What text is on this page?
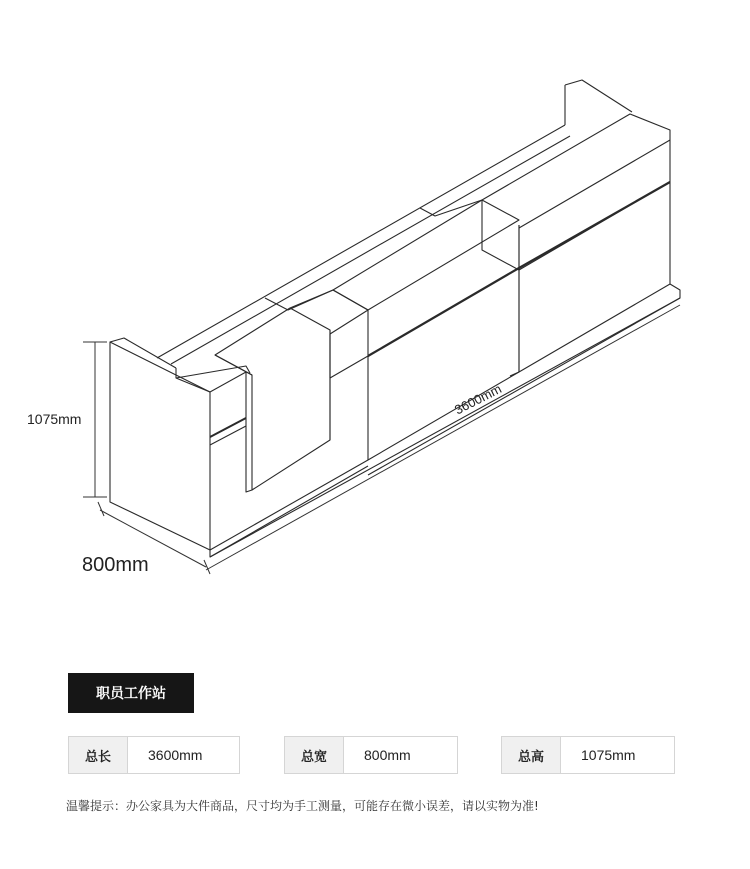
1075mm
3600mm
800mm
职员工作站
总长	3600mm	总宽	800mm	总高	1075mm
温馨提示：办公家具为大件商品，尺寸均为手工测量，可能存在微小误差，请以实物为准!
